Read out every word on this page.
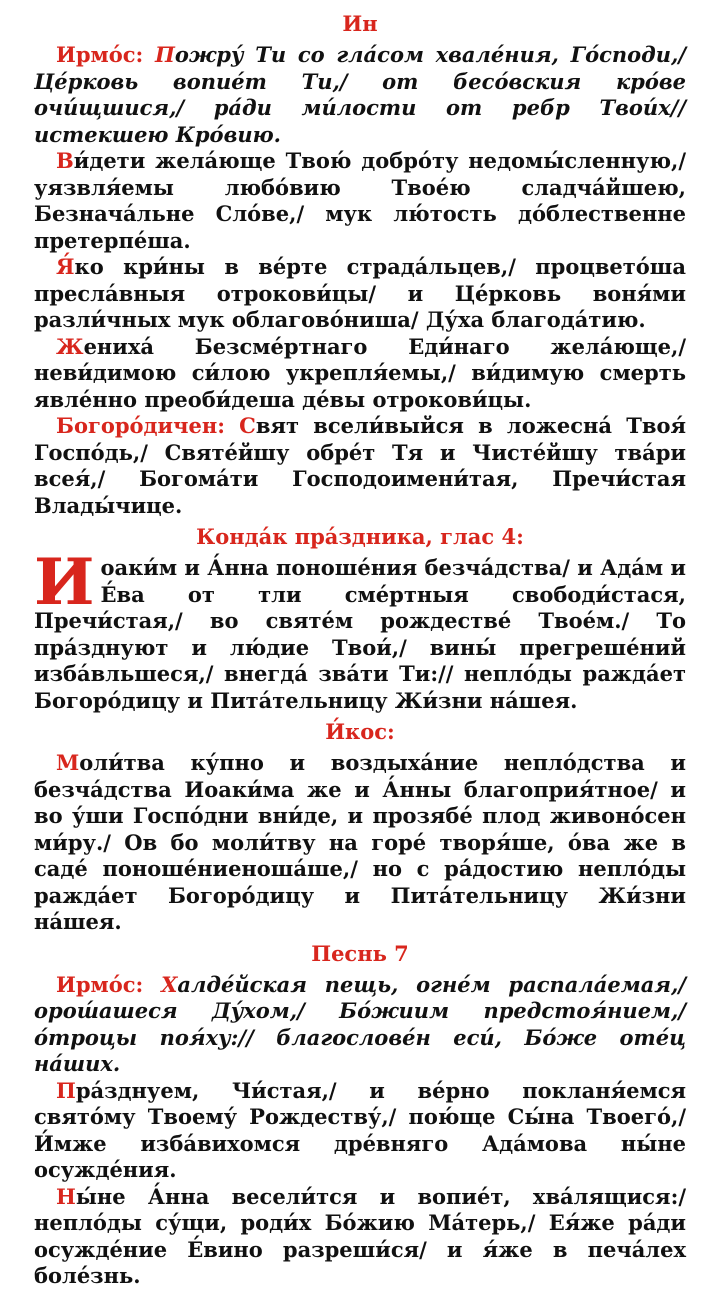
Ин

Ирмо́с: Пожру́ Ти со гла́сом хвале́ния, Го́споди,/ Це́рковь вопие́т Ти,/ от бесо́вския кро́ве очи́щшися,/ ра́ди ми́лости от ребр Твои́х// истекшею Кро́вию.

Ви́дети жела́юще Твою́ добро́ту недомы́сленную,/ уязвля́емы любо́вию Твое́ю сладча́йшею, Безнача́льне Сло́ве,/ мук лю́тость до́блественне претерпе́ша.

Я́ко кри́ны в ве́рте страда́льцев,/ процвето́ша пресла́вныя отрокови́цы/ и Це́рковь воня́ми разли́чных мук облагово́ниша/ Ду́ха благода́тию.

Жениха́ Безсме́ртнаго Еди́наго жела́юще,/ неви́димою си́лою укрепля́емы,/ ви́димую смерть явле́нно преоби́деша де́вы отрокови́цы.

Богоро́дичен: Свят всели́выйся в ложесна́ Твоя́ Госпо́дь,/ Святе́йшу обре́т Тя и Чисте́йшу тва́ри всея́,/ Богома́ти Господоимени́тая, Пречи́стая Влады́чице.

Конда́к пра́здника, глас 4:

Иоаки́м и А́нна поноше́ния безча́дства/ и Ада́м и Е́ва от тли сме́ртныя свободи́стася, Пречи́стая,/ во святе́м рождестве́ Твое́м./ То пра́зднуют и лю́дие Твои́,/ вины́ прегреше́ний изба́вльшеся,/ внегда́ зва́ти Ти:// непло́ды ражда́ет Богоро́дицу и Пита́тельницу Жи́зни на́шея.

И́кос:

Моли́тва ку́пно и воздыха́ние непло́дства и безча́дства Иоаки́ма же и А́нны благоприя́тное/ и во у́ши Госпо́дни вни́де, и прозябе́ плод живоно́сен ми́ру./ Ов бо моли́тву на горе́ творя́ше, о́ва же в саде́ поноше́ниеноша́ше,/ но с ра́достию непло́ды ражда́ет Богоро́дицу и Пита́тельницу Жи́зни на́шея.

Песнь 7

Ирмо́с: Халде́йская пещь, огне́м распала́емая,/ орош́ашеся Ду́хом,/ Бо́жиим предстоя́нием,/ о́троцы поя́ху:// благослове́н еси́, Бо́же оте́ц на́ших.

Пра́зднуем, Чи́стая,/ и ве́рно покланя́емся свято́му Твоему́ Рождеству́,/ пою́ще Сы́на Твоего́,/ И́мже изба́вихомся дре́вняго Ада́мова ны́не осужде́ния.

Ны́не А́нна весели́тся и вопие́т, хва́лящися:/ непло́ды су́щи, роди́х Бо́жию Ма́терь,/ Ея́же ра́ди осужде́ние Е́вино разреши́ся/ и я́же в печа́лех боле́знь.
